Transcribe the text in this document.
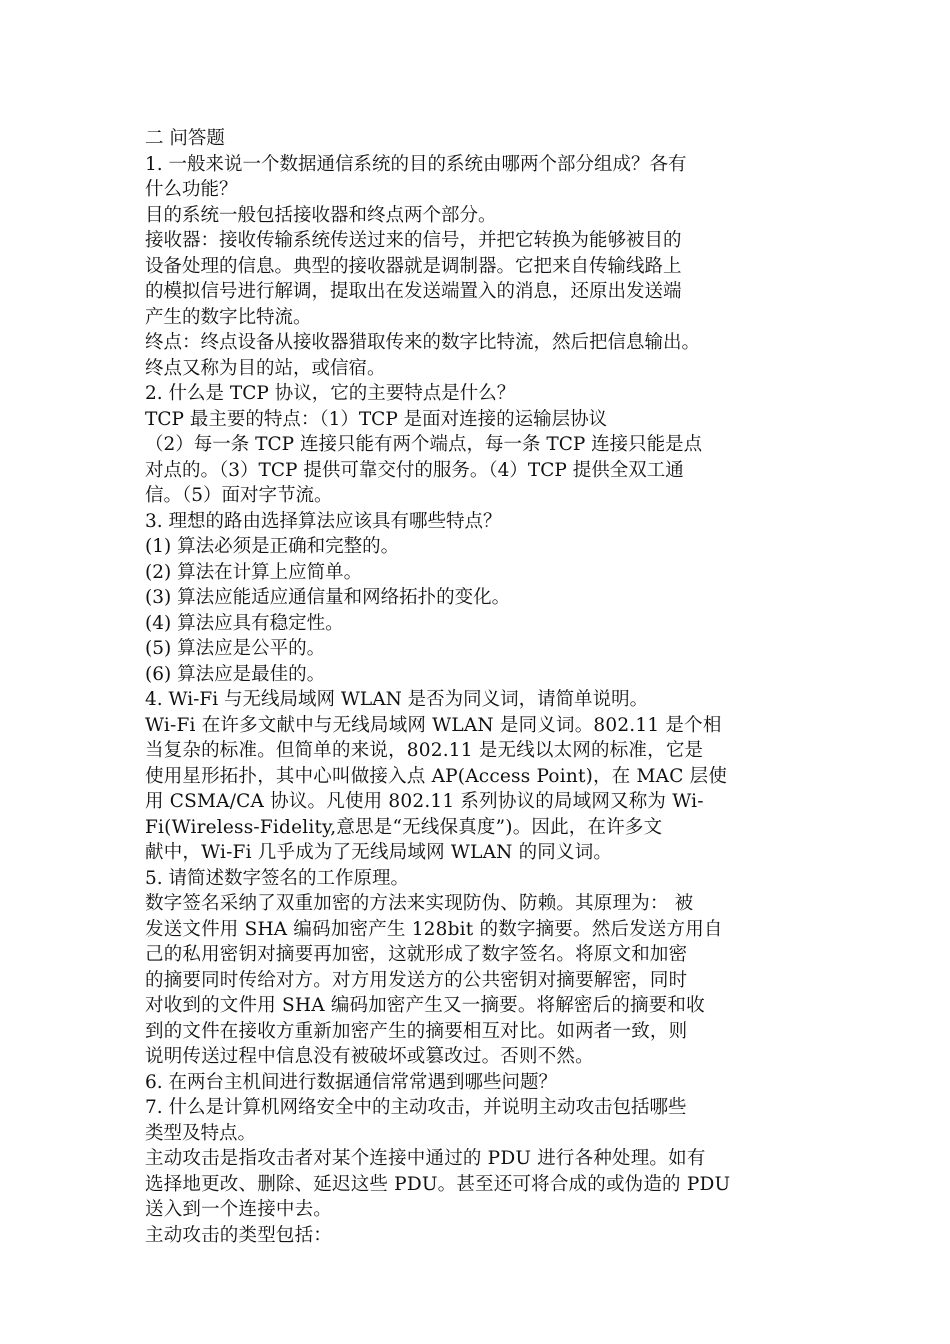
二 问答题
1. 一般来说一个数据通信系统的目的系统由哪两个部分组成？各有
什么功能？
目的系统一般包括接收器和终点两个部分。
接收器：接收传输系统传送过来的信号，并把它转换为能够被目的
设备处理的信息。典型的接收器就是调制器。它把来自传输线路上
的模拟信号进行解调，提取出在发送端置入的消息，还原出发送端
产生的数字比特流。
终点：终点设备从接收器猎取传来的数字比特流，然后把信息输出。
终点又称为目的站，或信宿。
2. 什么是 TCP 协议，它的主要特点是什么？
TCP 最主要的特点：（1）TCP 是面对连接的运输层协议
（2）每一条 TCP 连接只能有两个端点，每一条 TCP 连接只能是点
对点的。（3）TCP 提供可靠交付的服务。（4）TCP 提供全双工通
信。（5）面对字节流。
3. 理想的路由选择算法应该具有哪些特点？
(1) 算法必须是正确和完整的。
(2) 算法在计算上应简单。
(3) 算法应能适应通信量和网络拓扑的变化。
(4) 算法应具有稳定性。
(5) 算法应是公平的。
(6) 算法应是最佳的。
4. Wi-Fi 与无线局域网 WLAN 是否为同义词，请简单说明。
Wi-Fi 在许多文献中与无线局域网 WLAN 是同义词。802.11 是个相
当复杂的标准。但简单的来说，802.11 是无线以太网的标准，它是
使用星形拓扑，其中心叫做接入点 AP(Access Point)，在 MAC 层使
用 CSMA/CA 协议。凡使用 802.11 系列协议的局域网又称为 Wi-
Fi(Wireless-Fidelity,意思是“无线保真度”)。因此，在许多文
献中，Wi-Fi 几乎成为了无线局域网 WLAN 的同义词。
5. 请简述数字签名的工作原理。
数字签名采纳了双重加密的方法来实现防伪、防赖。其原理为： 被
发送文件用 SHA 编码加密产生 128bit 的数字摘要。然后发送方用自
己的私用密钥对摘要再加密，这就形成了数字签名。将原文和加密
的摘要同时传给对方。对方用发送方的公共密钥对摘要解密，同时
对收到的文件用 SHA 编码加密产生又一摘要。将解密后的摘要和收
到的文件在接收方重新加密产生的摘要相互对比。如两者一致，则
说明传送过程中信息没有被破坏或篡改过。否则不然。
6. 在两台主机间进行数据通信常常遇到哪些问题？
7. 什么是计算机网络安全中的主动攻击，并说明主动攻击包括哪些
类型及特点。
主动攻击是指攻击者对某个连接中通过的 PDU 进行各种处理。如有
选择地更改、删除、延迟这些 PDU。甚至还可将合成的或伪造的 PDU
送入到一个连接中去。
主动攻击的类型包括：
